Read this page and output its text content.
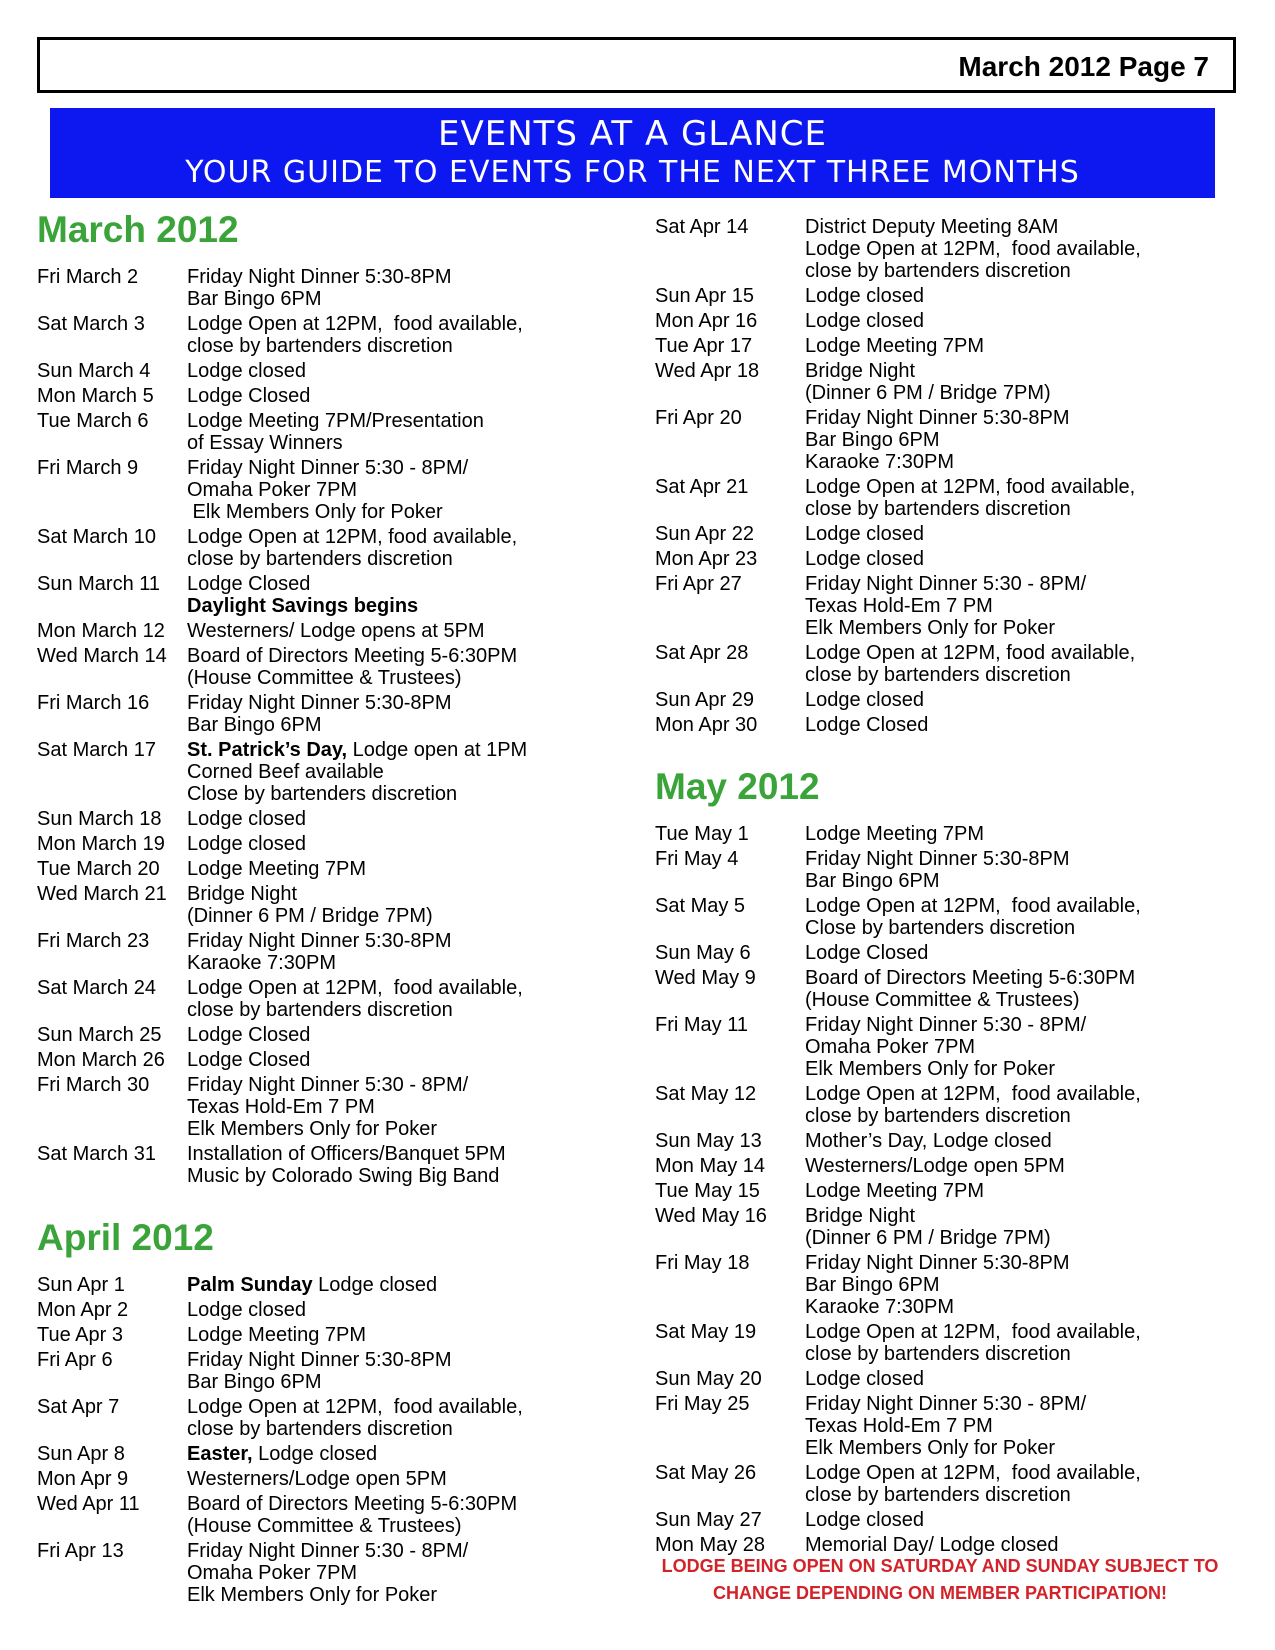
March 2012 Page 7
EVENTS AT A GLANCE
YOUR GUIDE TO EVENTS FOR THE NEXT THREE MONTHS
March 2012
Fri March 2	Friday Night Dinner 5:30-8PM
Bar Bingo 6PM
Sat March 3	Lodge Open at 12PM,  food available,
close by bartenders discretion
Sun March 4	Lodge closed
Mon March 5	Lodge Closed
Tue March 6	Lodge Meeting 7PM/Presentation
of Essay Winners
Fri March 9	Friday Night Dinner 5:30 - 8PM/
Omaha Poker 7PM
Elk Members Only for Poker
Sat March 10	Lodge Open at 12PM, food available,
close by bartenders discretion
Sun March 11	Lodge Closed
Daylight Savings begins
Mon March 12	Westerners/ Lodge opens at 5PM
Wed March 14	Board of Directors Meeting 5-6:30PM
(House Committee & Trustees)
Fri March 16	Friday Night Dinner 5:30-8PM
Bar Bingo 6PM
Sat March 17	St. Patrick’s Day, Lodge open at 1PM
Corned Beef available
Close by bartenders discretion
Sun March 18	Lodge closed
Mon March 19	Lodge closed
Tue March 20	Lodge Meeting 7PM
Wed March 21	Bridge Night
(Dinner 6 PM / Bridge 7PM)
Fri March 23	Friday Night Dinner 5:30-8PM
Karaoke 7:30PM
Sat March 24	Lodge Open at 12PM,  food available,
close by bartenders discretion
Sun March 25	Lodge Closed
Mon March 26	Lodge Closed
Fri March 30	Friday Night Dinner 5:30 - 8PM/
Texas Hold-Em 7 PM
Elk Members Only for Poker
Sat March 31	Installation of Officers/Banquet 5PM
Music by Colorado Swing Big Band
April 2012
Sun Apr 1	Palm Sunday Lodge closed
Mon Apr 2	Lodge closed
Tue Apr 3	Lodge Meeting 7PM
Fri Apr 6	Friday Night Dinner 5:30-8PM
Bar Bingo 6PM
Sat Apr 7	Lodge Open at 12PM,  food available,
close by bartenders discretion
Sun Apr 8	Easter, Lodge closed
Mon Apr 9	Westerners/Lodge open 5PM
Wed Apr 11	Board of Directors Meeting 5-6:30PM
(House Committee & Trustees)
Fri Apr 13	Friday Night Dinner 5:30 - 8PM/
Omaha Poker 7PM
Elk Members Only for Poker
Sat Apr 14	District Deputy Meeting 8AM
Lodge Open at 12PM,  food available,
close by bartenders discretion
Sun Apr 15	Lodge closed
Mon Apr 16	Lodge closed
Tue Apr 17	Lodge Meeting 7PM
Wed Apr 18	Bridge Night
(Dinner 6 PM / Bridge 7PM)
Fri Apr 20	Friday Night Dinner 5:30-8PM
Bar Bingo 6PM
Karaoke 7:30PM
Sat Apr 21	Lodge Open at 12PM, food available,
close by bartenders discretion
Sun Apr 22	Lodge closed
Mon Apr 23	Lodge closed
Fri Apr 27	Friday Night Dinner 5:30 - 8PM/
Texas Hold-Em 7 PM
Elk Members Only for Poker
Sat Apr 28	Lodge Open at 12PM, food available,
close by bartenders discretion
Sun Apr 29	Lodge closed
Mon Apr 30	Lodge Closed
May 2012
Tue May 1	Lodge Meeting 7PM
Fri May 4	Friday Night Dinner 5:30-8PM
Bar Bingo 6PM
Sat May 5	Lodge Open at 12PM,  food available,
Close by bartenders discretion
Sun May 6	Lodge Closed
Wed May 9	Board of Directors Meeting 5-6:30PM
(House Committee & Trustees)
Fri May 11	Friday Night Dinner 5:30 - 8PM/
Omaha Poker 7PM
Elk Members Only for Poker
Sat May 12	Lodge Open at 12PM,  food available,
close by bartenders discretion
Sun May 13	Mother’s Day, Lodge closed
Mon May 14	Westerners/Lodge open 5PM
Tue May 15	Lodge Meeting 7PM
Wed May 16	Bridge Night
(Dinner 6 PM / Bridge 7PM)
Fri May 18	Friday Night Dinner 5:30-8PM
Bar Bingo 6PM
Karaoke 7:30PM
Sat May 19	Lodge Open at 12PM,  food available,
close by bartenders discretion
Sun May 20	Lodge closed
Fri May 25	Friday Night Dinner 5:30 - 8PM/
Texas Hold-Em 7 PM
Elk Members Only for Poker
Sat May 26	Lodge Open at 12PM,  food available,
close by bartenders discretion
Sun May 27	Lodge closed
Mon May 28	Memorial Day/ Lodge closed
LODGE BEING OPEN ON SATURDAY AND SUNDAY SUBJECT TO
CHANGE DEPENDING ON MEMBER PARTICIPATION!
